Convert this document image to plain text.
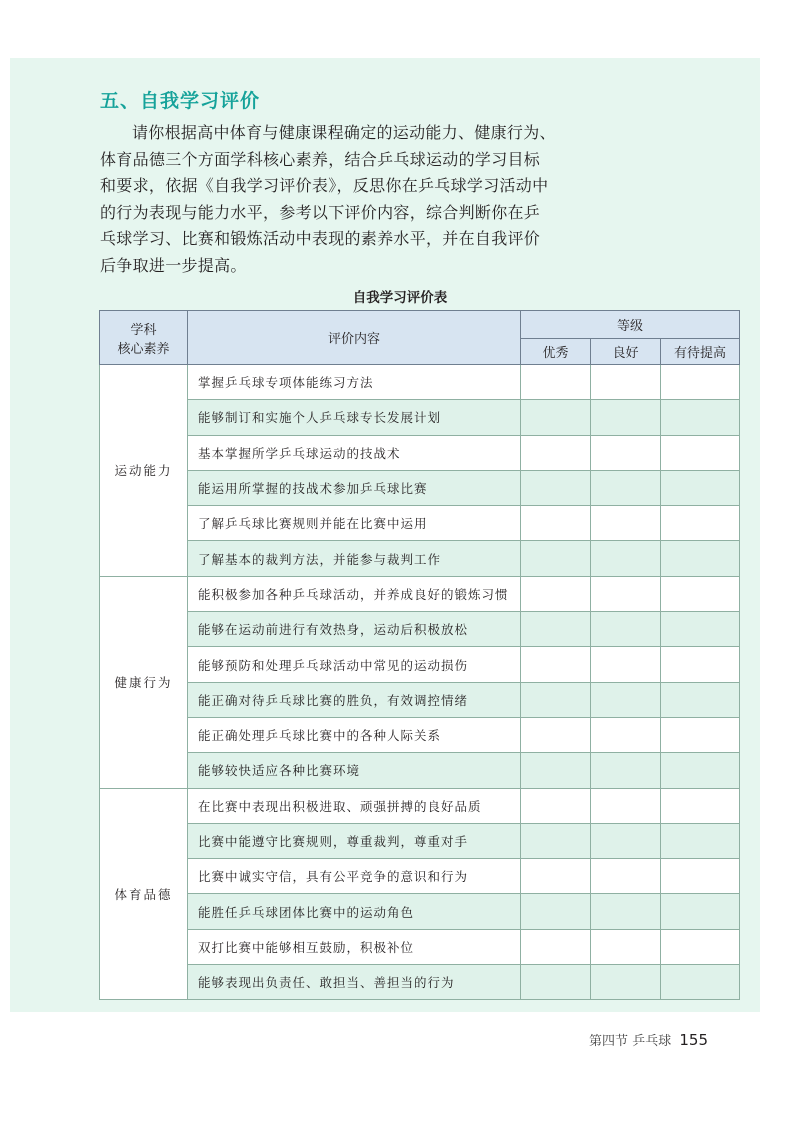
五、自我学习评价
请你根据高中体育与健康课程确定的运动能力、健康行为、
体育品德三个方面学科核心素养，结合乒乓球运动的学习目标
和要求，依据《自我学习评价表》，反思你在乒乓球学习活动中
的行为表现与能力水平，参考以下评价内容，综合判断你在乒
乓球学习、比赛和锻炼活动中表现的素养水平，并在自我评价
后争取进一步提高。
自我学习评价表
学科
核心素养	评价内容	等级		
		优秀	良好	有待提高
运动能力	掌握乒乓球专项体能练习方法			
	能够制订和实施个人乒乓球专长发展计划			
	基本掌握所学乒乓球运动的技战术			
	能运用所掌握的技战术参加乒乓球比赛			
	了解乒乓球比赛规则并能在比赛中运用			
	了解基本的裁判方法，并能参与裁判工作			
健康行为	能积极参加各种乒乓球活动，并养成良好的锻炼习惯			
	能够在运动前进行有效热身，运动后积极放松			
	能够预防和处理乒乓球活动中常见的运动损伤			
	能正确对待乒乓球比赛的胜负，有效调控情绪			
	能正确处理乒乓球比赛中的各种人际关系			
	能够较快适应各种比赛环境			
体育品德	在比赛中表现出积极进取、顽强拼搏的良好品质			
	比赛中能遵守比赛规则，尊重裁判，尊重对手			
	比赛中诚实守信，具有公平竞争的意识和行为			
	能胜任乒乓球团体比赛中的运动角色			
	双打比赛中能够相互鼓励，积极补位			
	能够表现出负责任、敢担当、善担当的行为			
第四节 乒乓球 155
